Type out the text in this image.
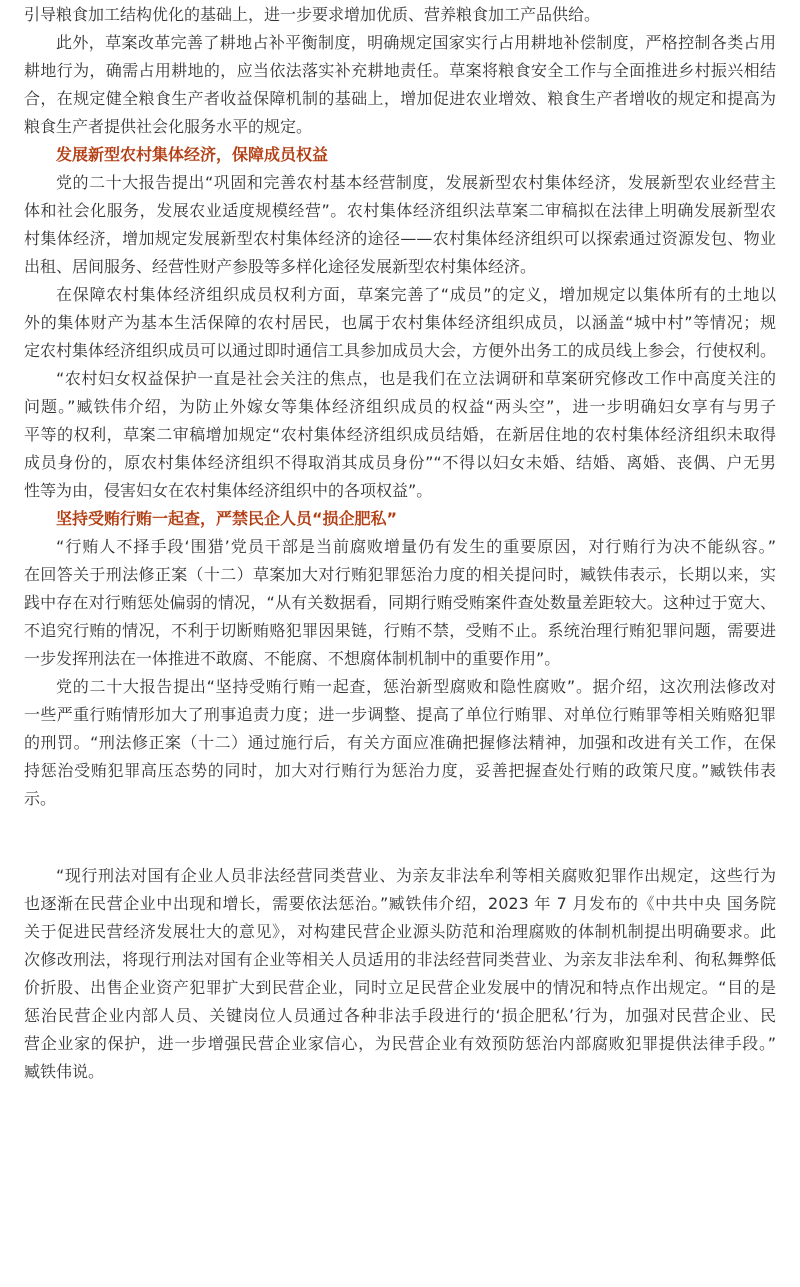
引导粮食加工结构优化的基础上，进一步要求增加优质、营养粮食加工产品供给。
此外，草案改革完善了耕地占补平衡制度，明确规定国家实行占用耕地补偿制度，严格控制各类占用
耕地行为，确需占用耕地的，应当依法落实补充耕地责任。草案将粮食安全工作与全面推进乡村振兴相结
合，在规定健全粮食生产者收益保障机制的基础上，增加促进农业增效、粮食生产者增收的规定和提高为
粮食生产者提供社会化服务水平的规定。
发展新型农村集体经济，保障成员权益
党的二十大报告提出“巩固和完善农村基本经营制度，发展新型农村集体经济，发展新型农业经营主
体和社会化服务，发展农业适度规模经营”。农村集体经济组织法草案二审稿拟在法律上明确发展新型农
村集体经济，增加规定发展新型农村集体经济的途径——农村集体经济组织可以探索通过资源发包、物业
出租、居间服务、经营性财产参股等多样化途径发展新型农村集体经济。
在保障农村集体经济组织成员权利方面，草案完善了“成员”的定义，增加规定以集体所有的土地以
外的集体财产为基本生活保障的农村居民，也属于农村集体经济组织成员，以涵盖“城中村”等情况；规
定农村集体经济组织成员可以通过即时通信工具参加成员大会，方便外出务工的成员线上参会，行使权利。
“农村妇女权益保护一直是社会关注的焦点，也是我们在立法调研和草案研究修改工作中高度关注的
问题。”臧铁伟介绍，为防止外嫁女等集体经济组织成员的权益“两头空”，进一步明确妇女享有与男子
平等的权利，草案二审稿增加规定“农村集体经济组织成员结婚，在新居住地的农村集体经济组织未取得
成员身份的，原农村集体经济组织不得取消其成员身份”“不得以妇女未婚、结婚、离婚、丧偶、户无男
性等为由，侵害妇女在农村集体经济组织中的各项权益”。
坚持受贿行贿一起查，严禁民企人员“损企肥私”
“行贿人不择手段‘围猎’党员干部是当前腐败增量仍有发生的重要原因，对行贿行为决不能纵容。”
在回答关于刑法修正案（十二）草案加大对行贿犯罪惩治力度的相关提问时，臧铁伟表示，长期以来，实
践中存在对行贿惩处偏弱的情况，“从有关数据看，同期行贿受贿案件查处数量差距较大。这种过于宽大、
不追究行贿的情况，不利于切断贿赂犯罪因果链，行贿不禁，受贿不止。系统治理行贿犯罪问题，需要进
一步发挥刑法在一体推进不敢腐、不能腐、不想腐体制机制中的重要作用”。
党的二十大报告提出“坚持受贿行贿一起查，惩治新型腐败和隐性腐败”。据介绍，这次刑法修改对
一些严重行贿情形加大了刑事追责力度；进一步调整、提高了单位行贿罪、对单位行贿罪等相关贿赂犯罪
的刑罚。“刑法修正案（十二）通过施行后，有关方面应准确把握修法精神，加强和改进有关工作，在保
持惩治受贿犯罪高压态势的同时，加大对行贿行为惩治力度，妥善把握查处行贿的政策尺度。”臧铁伟表
示。
“现行刑法对国有企业人员非法经营同类营业、为亲友非法牟利等相关腐败犯罪作出规定，这些行为
也逐渐在民营企业中出现和增长，需要依法惩治。”臧铁伟介绍，2023 年 7 月发布的《中共中央 国务院
关于促进民营经济发展壮大的意见》，对构建民营企业源头防范和治理腐败的体制机制提出明确要求。此
次修改刑法，将现行刑法对国有企业等相关人员适用的非法经营同类营业、为亲友非法牟利、徇私舞弊低
价折股、出售企业资产犯罪扩大到民营企业，同时立足民营企业发展中的情况和特点作出规定。“目的是
惩治民营企业内部人员、关键岗位人员通过各种非法手段进行的‘损企肥私’行为，加强对民营企业、民
营企业家的保护，进一步增强民营企业家信心，为民营企业有效预防惩治内部腐败犯罪提供法律手段。”
臧铁伟说。
